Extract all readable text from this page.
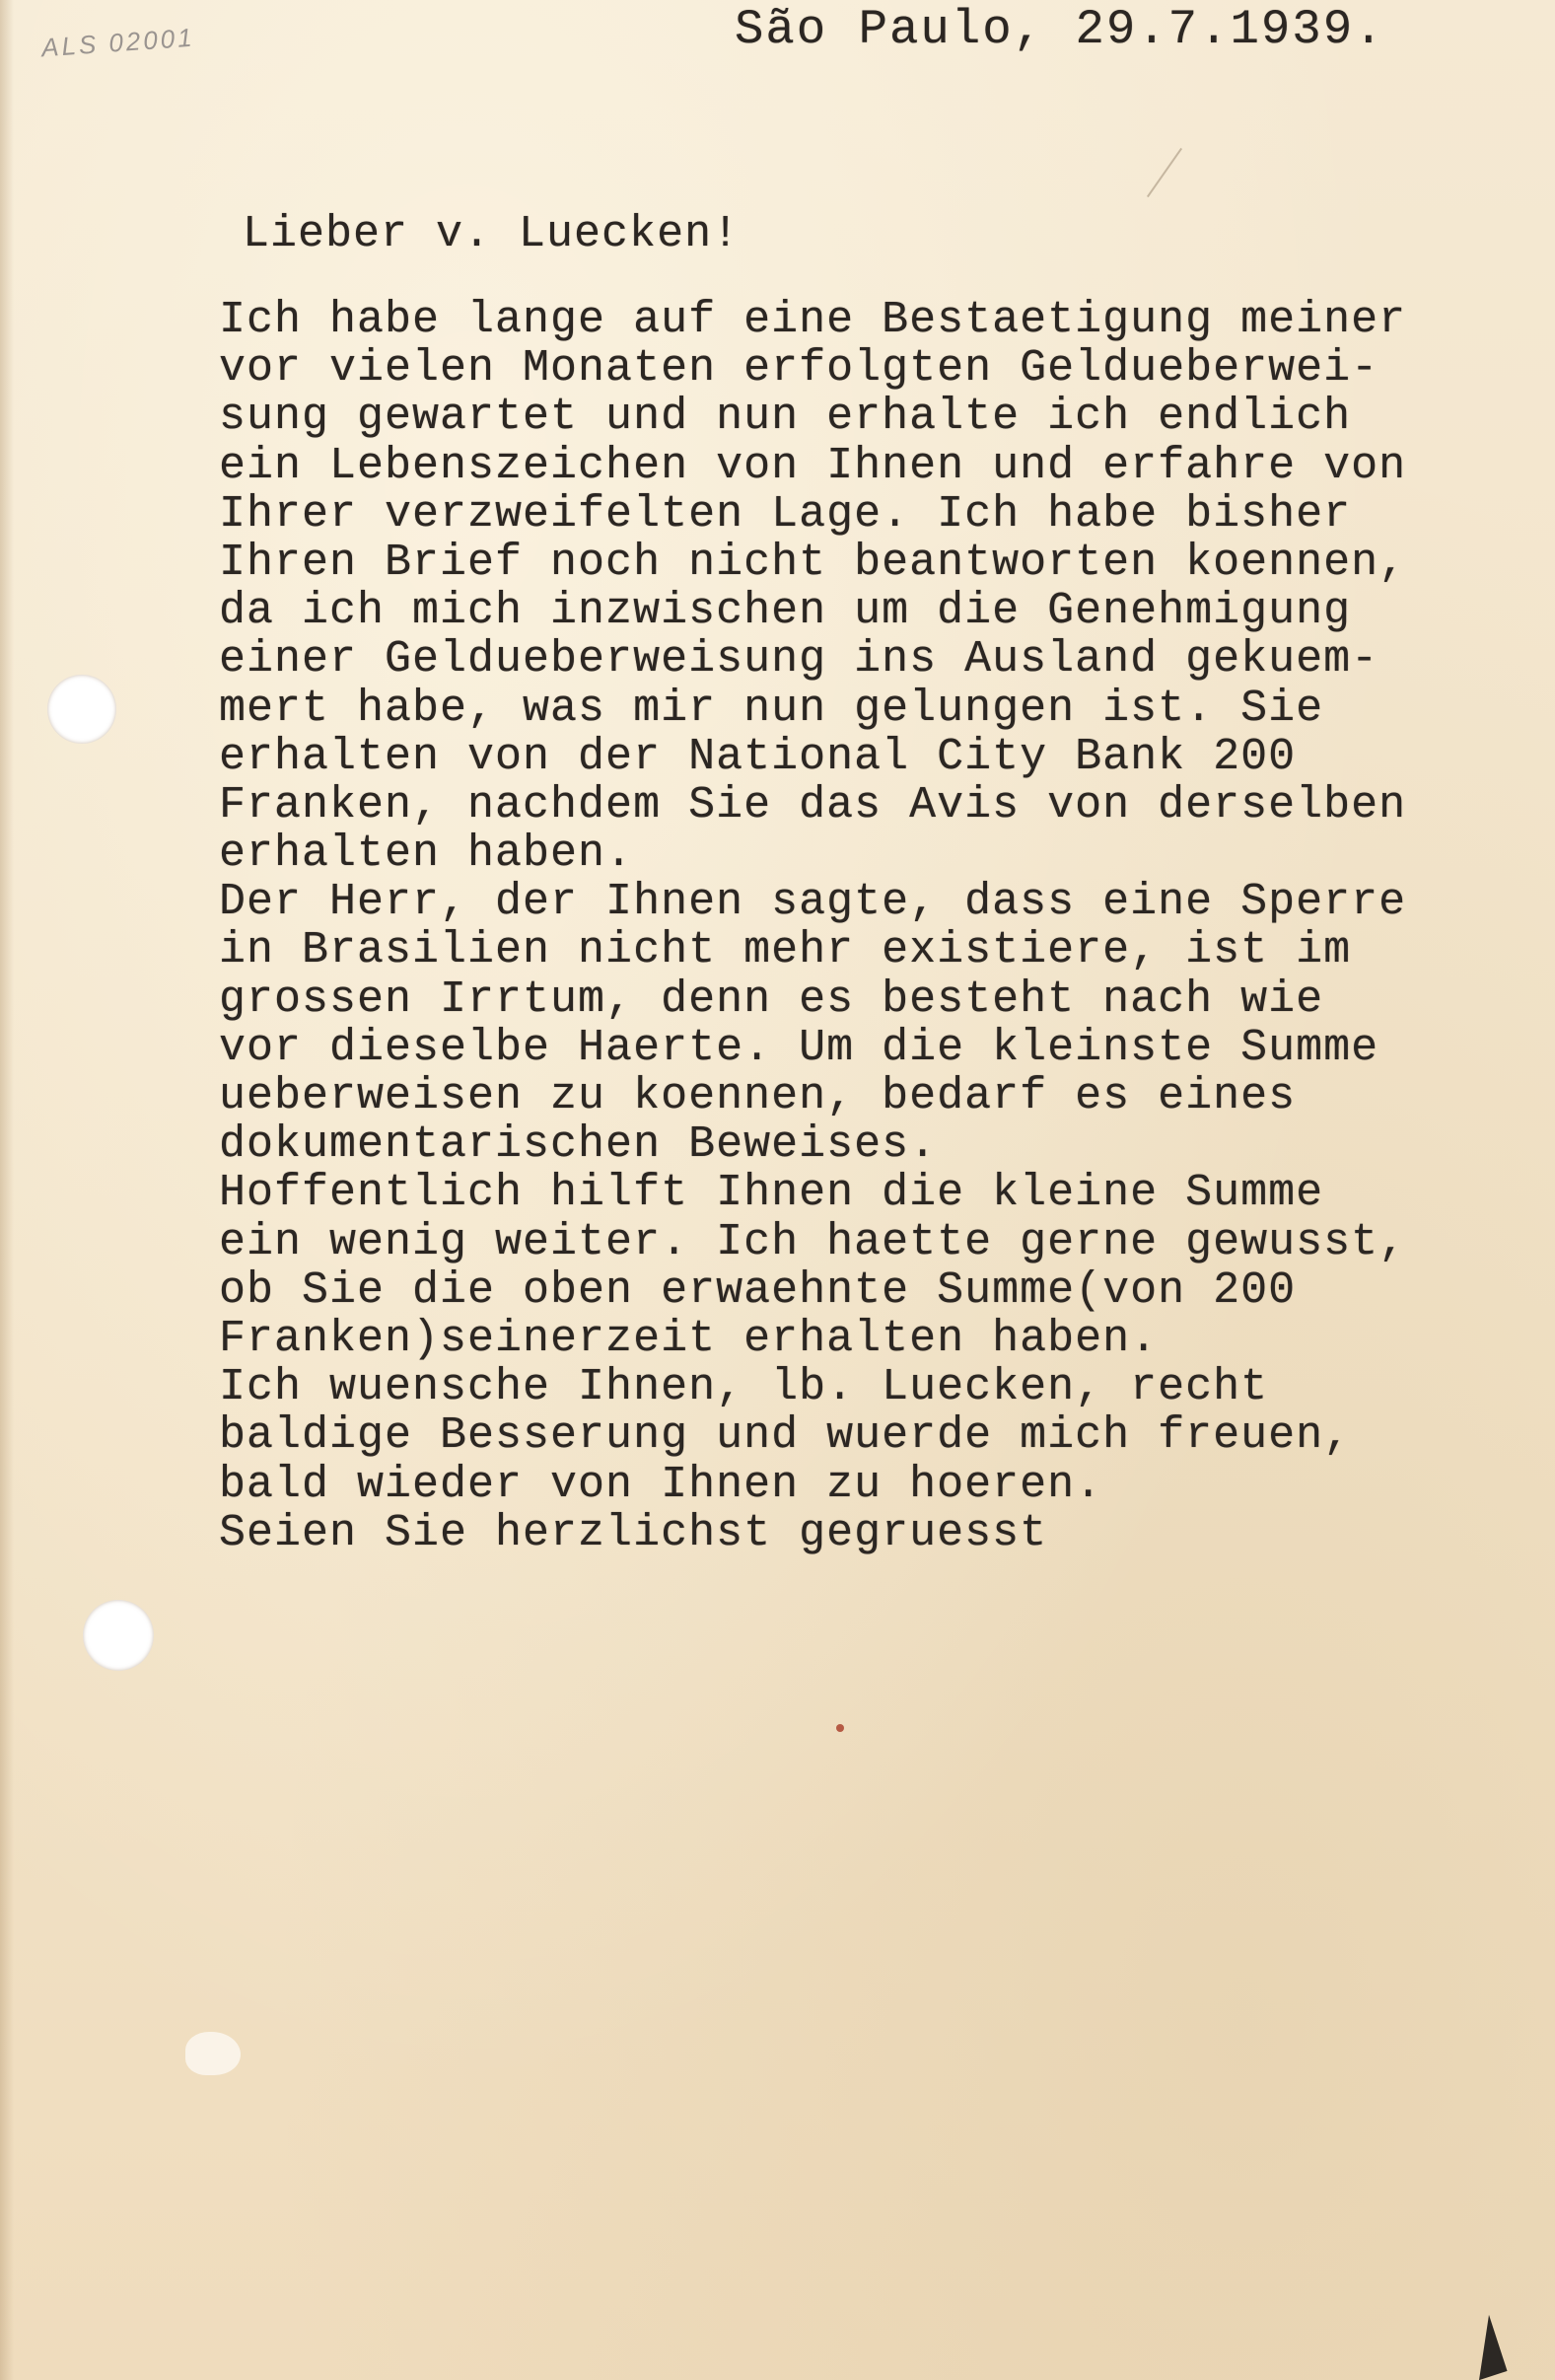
ALS 02001	São Paulo, 29.7.1939.
Lieber v. Luecken!
Ich habe lange auf eine Bestaetigung meiner
vor vielen Monaten erfolgten Geldueberwei-
sung gewartet und nun erhalte ich endlich
ein Lebenszeichen von Ihnen und erfahre von
Ihrer verzweifelten Lage. Ich habe bisher
Ihren Brief noch nicht beantworten koennen,
da ich mich inzwischen um die Genehmigung
einer Geldueberweisung ins Ausland gekuem-
mert habe, was mir nun gelungen ist. Sie
erhalten von der National City Bank 200
Franken, nachdem Sie das Avis von derselben
erhalten haben.
Der Herr, der Ihnen sagte, dass eine Sperre
in Brasilien nicht mehr existiere, ist im
grossen Irrtum, denn es besteht nach wie
vor dieselbe Haerte. Um die kleinste Summe
ueberweisen zu koennen, bedarf es eines
dokumentarischen Beweises.
Hoffentlich hilft Ihnen die kleine Summe
ein wenig weiter. Ich haette gerne gewusst,
ob Sie die oben erwaehnte Summe(von 200
Franken)seinerzeit erhalten haben.
Ich wuensche Ihnen, lb. Luecken, recht
baldige Besserung und wuerde mich freuen,
bald wieder von Ihnen zu hoeren.
Seien Sie herzlichst gegruesst
